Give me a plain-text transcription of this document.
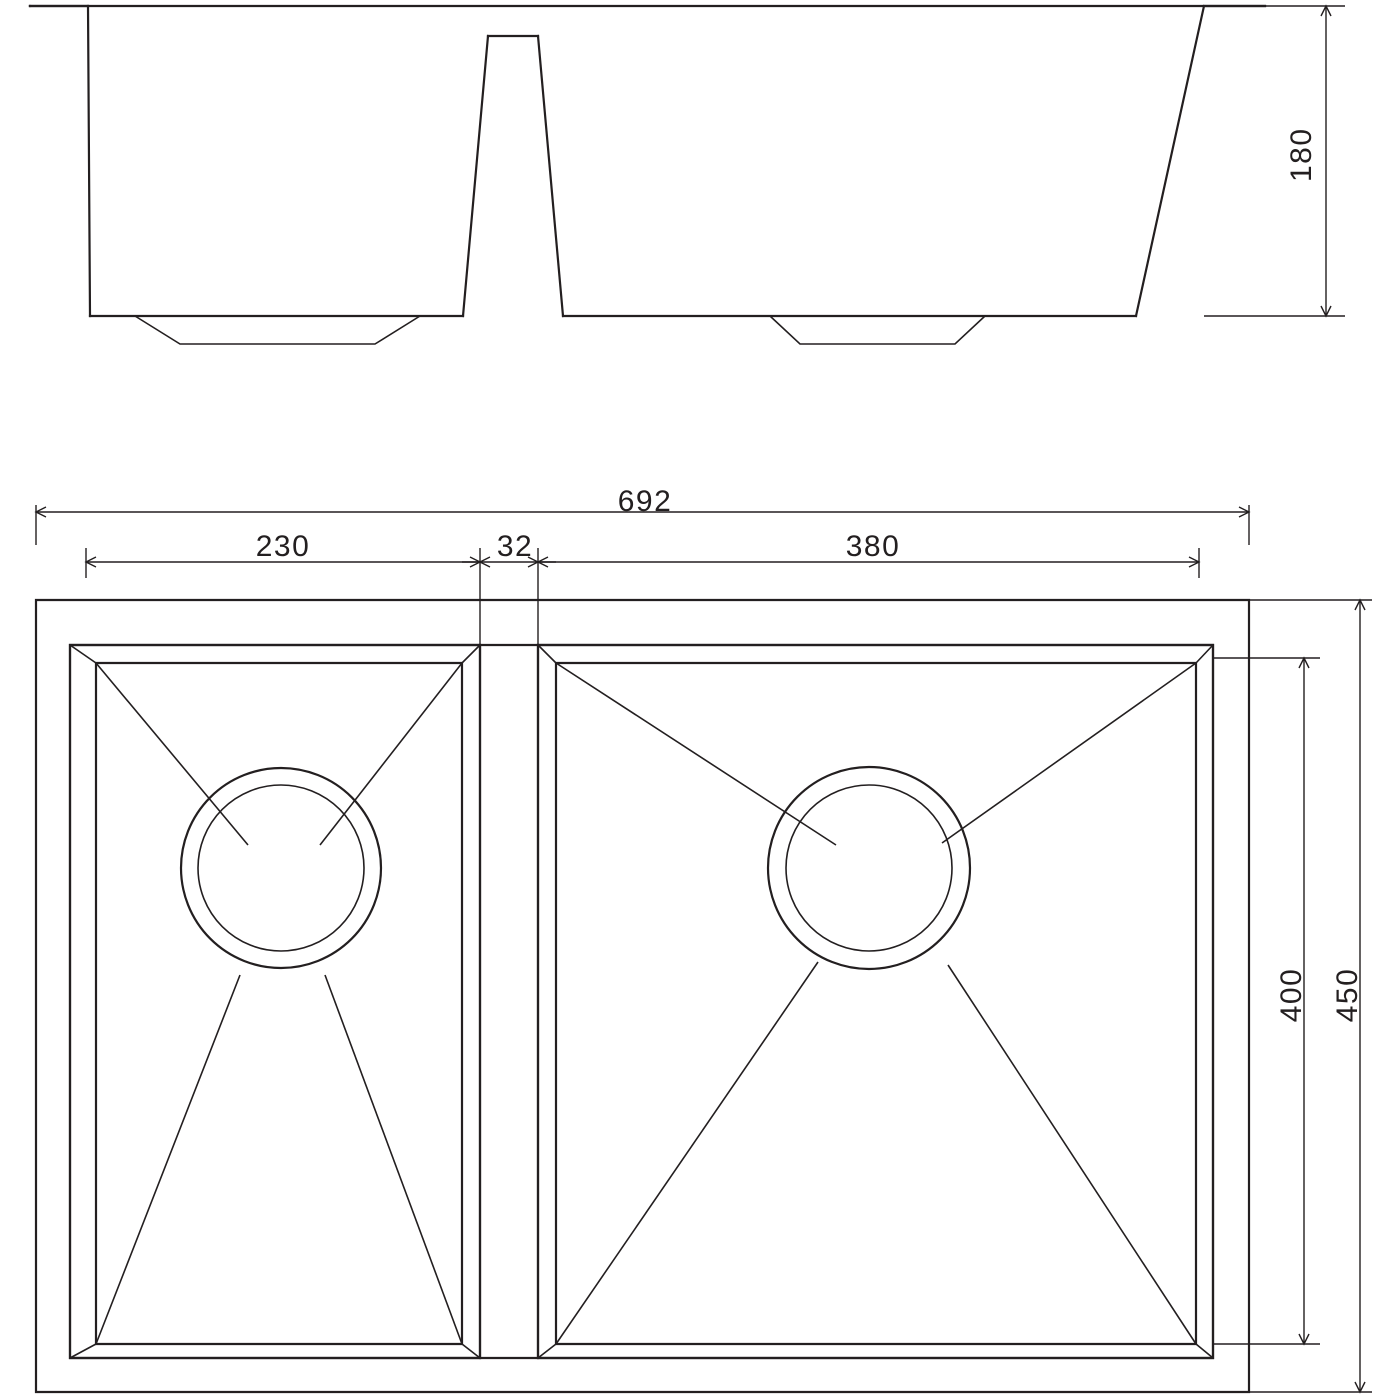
180
692
230	32	380
400 450
